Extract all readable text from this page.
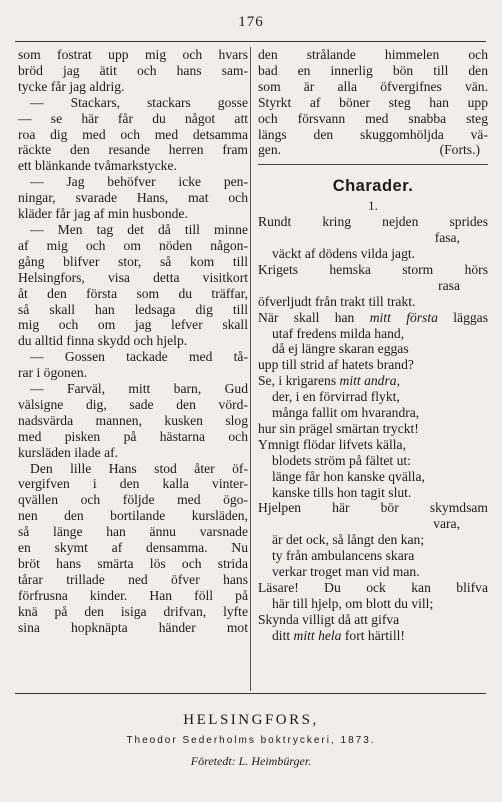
176
som fostrat upp mig och hvars
bröd jag ätit och hans sam-
tycke får jag aldrig.
— Stackars, stackars gosse
— se här får du något att
roa dig med och med detsamma
räckte den resande herren fram
ett blänkande tvåmarkstycke.
— Jag behöfver icke pen-
ningar, svarade Hans, mat och
kläder får jag af min husbonde.
— Men tag det då till minne
af mig och om nöden någon-
gång blifver stor, så kom till
Helsingfors, visa detta visitkort
åt den första som du träffar,
så skall han ledsaga dig till
mig och om jag lefver skall
du alltid finna skydd och hjelp.
— Gossen tackade med tå-
rar i ögonen.
— Farväl, mitt barn, Gud
välsigne dig, sade den vörd-
nadsvärda mannen, kusken slog
med pisken på hästarna och
kursläden ilade af.
Den lille Hans stod åter öf-
vergifven i den kalla vinter-
qvällen och följde med ögo-
nen den bortilande kursläden,
så länge han ännu varsnade
en skymt af densamma. Nu
bröt hans smärta lös och strida
tårar trillade ned öfver hans
förfrusna kinder. Han föll på
knä på den isiga drifvan, lyfte
sina hopknäpta händer mot
den strålande himmelen och
bad en innerlig bön till den
som är alla öfvergifnes vän.
Styrkt af böner steg han upp
och försvann med snabba steg
längs den skuggomhöljda vä-
gen.	(Forts.)
Charader.
1.
Rundt kring nejden sprides
fasa,
väckt af dödens vilda jagt.
Krigets hemska storm hörs
rasa
öfverljudt från trakt till trakt.
När skall han mitt första läggas
utaf fredens milda hand,
då ej längre skaran eggas
upp till strid af hatets brand?
Se, i krigarens mitt andra,
der, i en förvirrad flykt,
många fallit om hvarandra,
hur sin prägel smärtan tryckt!
Ymnigt flödar lifvets källa,
blodets ström på fältet ut:
länge får hon kanske qvälla,
kanske tills hon tagit slut.
Hjelpen här bör skymdsam
vara,
är det ock, så långt den kan;
ty från ambulancens skara
verkar troget man vid man.
Läsare! Du ock kan blifva
här till hjelp, om blott du vill;
Skynda villigt då att gifva
ditt mitt hela fort härtill!
HELSINGFORS,
Theodor Sederholms boktryckeri, 1873.
Företedt: L. Heimbürger.
